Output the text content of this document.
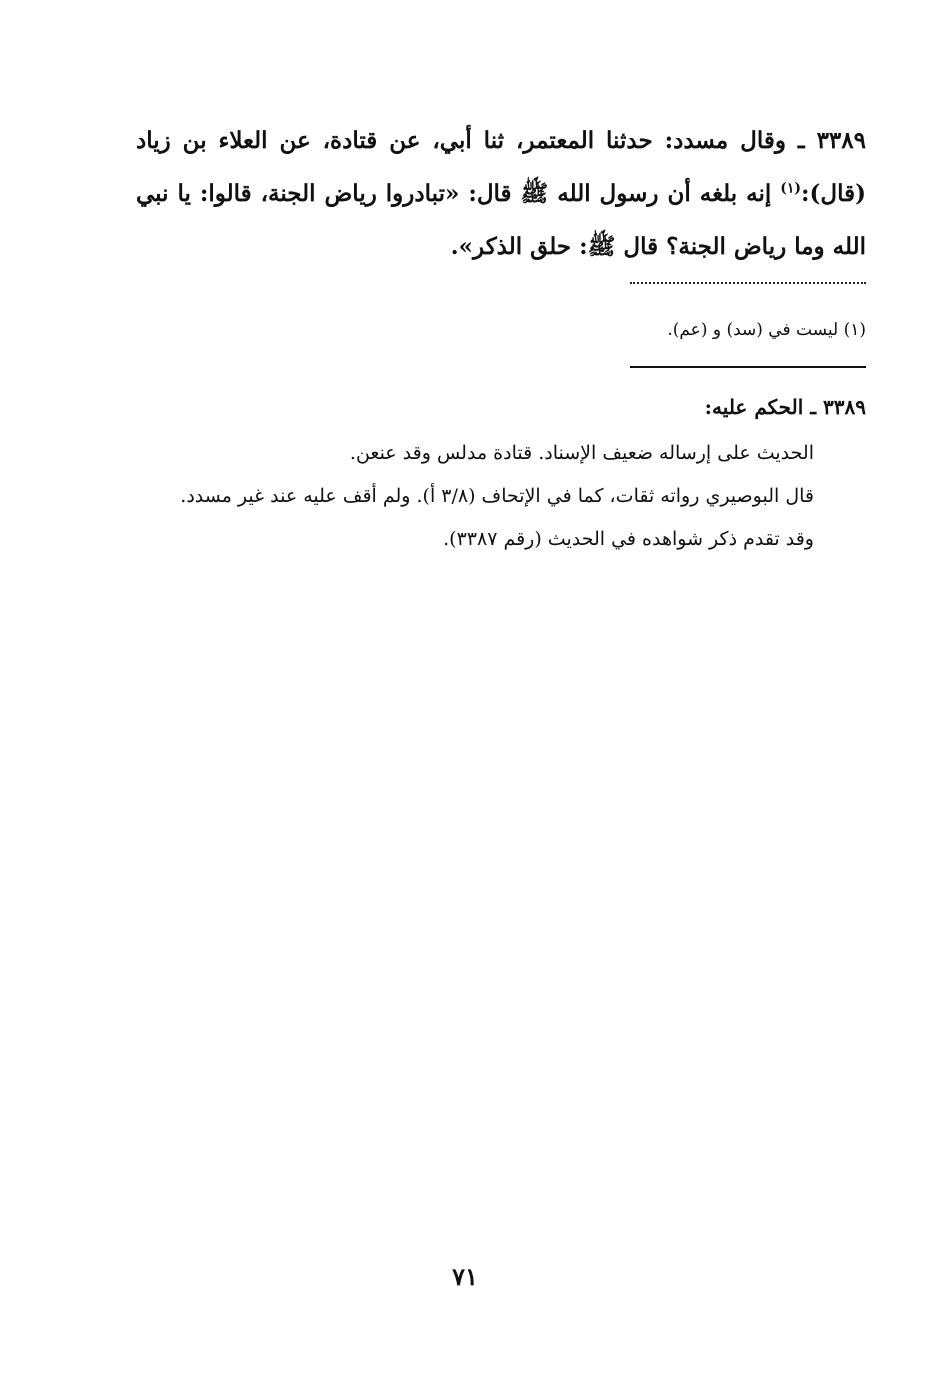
٣٣٨٩ ـ وقال مسدد: حدثنا المعتمر، ثنا أبي، عن قتادة، عن العلاء بن زياد (قال):$^{(١)}$ إنه بلغه أن رسول الله ﷺ قال: «تبادروا رياض الجنة، قالوا: يا نبي الله وما رياض الجنة؟ قال ﷺ: حلق الذكر».
(١) ليست في (سد) و (عم).
٣٣٨٩ ـ الحكم عليه:
الحديث على إرساله ضعيف الإسناد. قتادة مدلس وقد عنعن.
قال البوصيري رواته ثقات، كما في الإتحاف (٣/٨ أ). ولم أقف عليه عند غير مسدد.
وقد تقدم ذكر شواهده في الحديث (رقم ٣٣٨٧).
٧١
